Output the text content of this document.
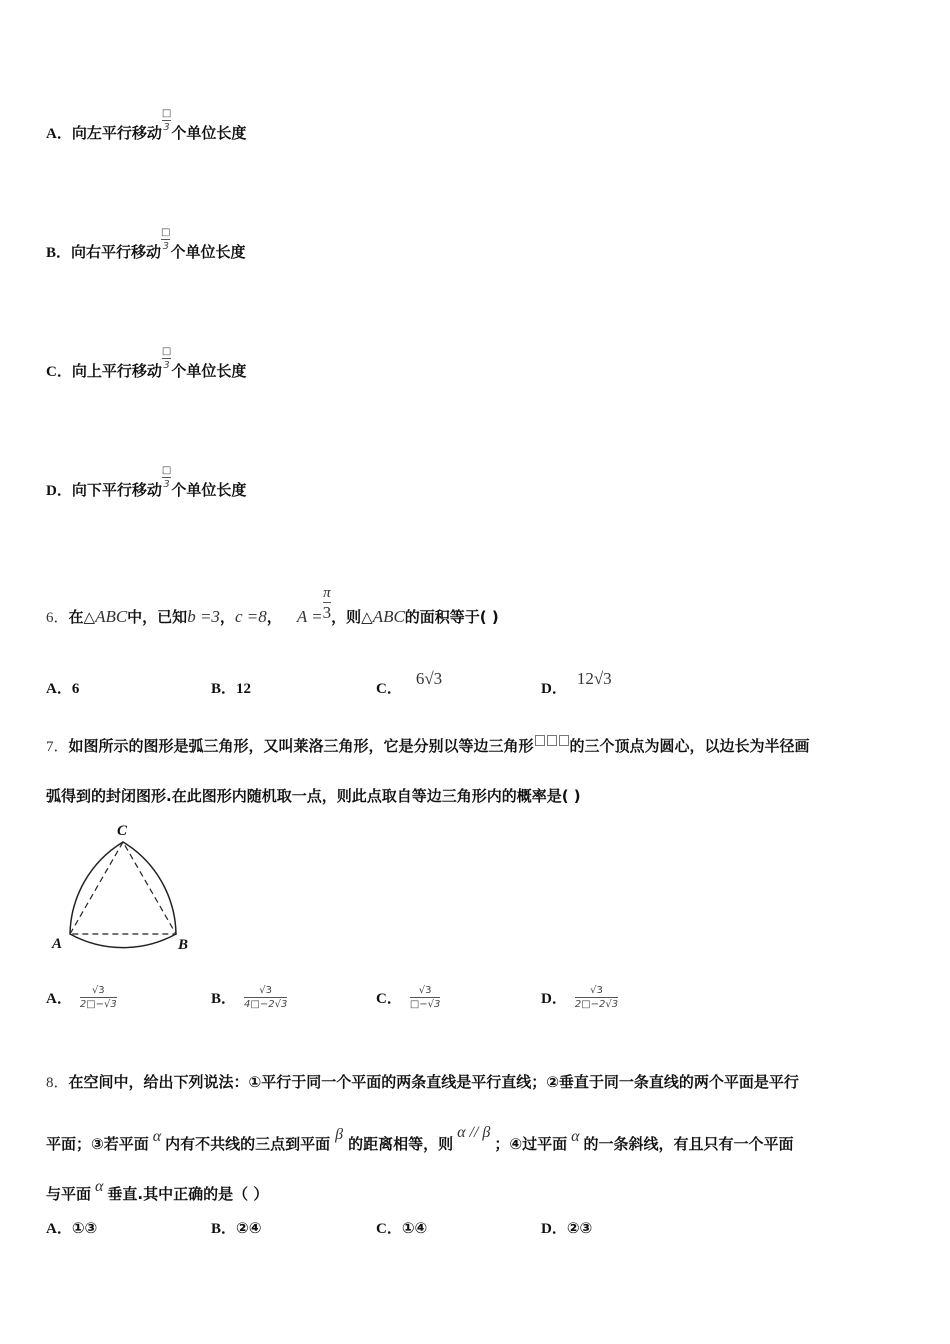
A．向左平行移动 $\frac{□}{3}$ 个单位长度
B．向右平行移动 $\frac{□}{3}$ 个单位长度
C．向上平行移动 $\frac{□}{3}$ 个单位长度
D．向下平行移动 $\frac{□}{3}$ 个单位长度
6．在△ABC中，已知b =3，c =8， $A = \frac{\pi}{3}$ ，则△ABC的面积等于( )
A．6	B．12	C．6√3
D．12√3
7．如图所示的图形是弧三角形，又叫莱洛三角形，它是分别以等边三角形 的三个顶点为圆心，以边长为半径画
弧得到的封闭图形.在此图形内随机取一点，则此点取自等边三角形内的概率是( )
C
A	B
A． $\frac{√3}{2□-√3}$	B． $\frac{√3}{4□-2√3}$	C． $\frac{√3}{□-√3}$	D． $\frac{√3}{2□-2√3}$
8．在空间中，给出下列说法：①平行于同一个平面的两条直线是平行直线；②垂直于同一条直线的两个平面是平行
平面；③若平面 α 内有不共线的三点到平面β的距离相等，则α // β；④过平面 α 的一条斜线，有且只有一个平面
与平面 α 垂直.其中正确的是（ ）
A．①③	B．②④	C．①④	D．②③
